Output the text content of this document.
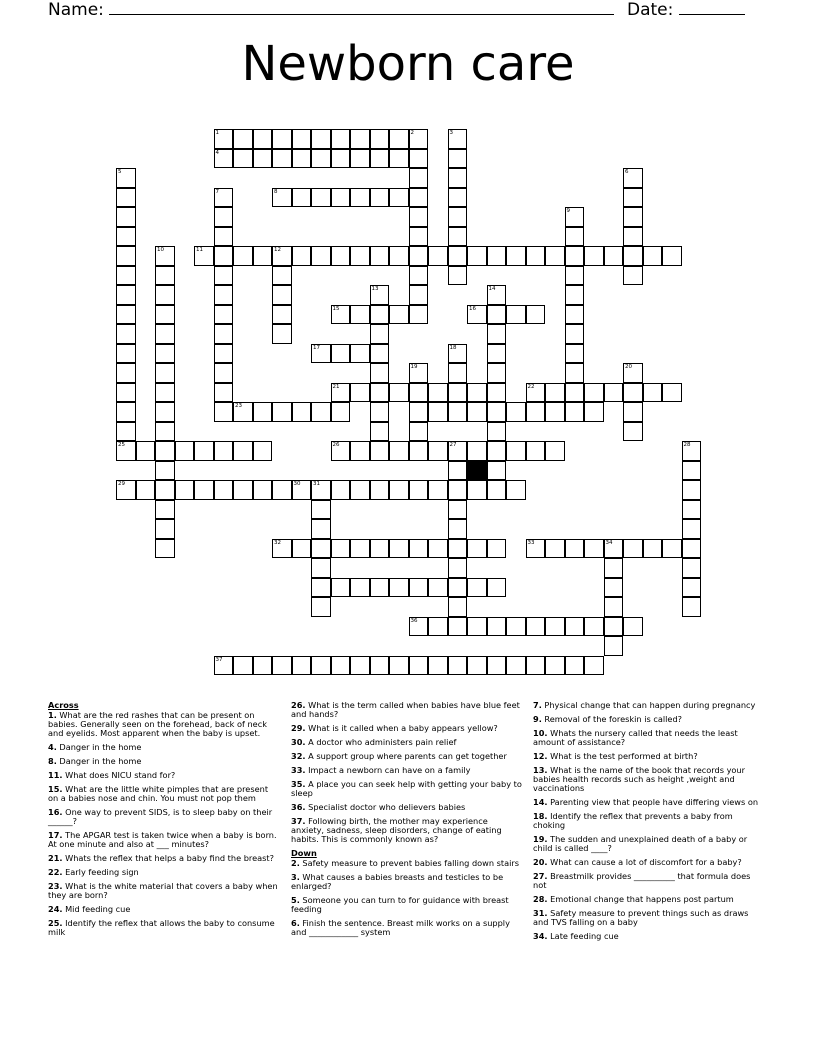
Name:	Date:
Newborn care
1
4
8
11	12
15	16
17
21	22
23
25	26	27
29	30 31
32	33	34
36
37
2	3
5	6
7
9
10
13	14
18
19	20
28
Across
1. What are the red rashes that can be present on babies. Generally seen on the forehead, back of neck and eyelids. Most apparent when the baby is upset.
4. Danger in the home
8. Danger in the home
11. What does NICU stand for?
15. What are the little white pimples that are present on a babies nose and chin. You must not pop them
16. One way to prevent SIDS, is to sleep baby on their ______?
17. The APGAR test is taken twice when a baby is born. At one minute and also at ___ minutes?
21. Whats the reflex that helps a baby find the breast?
22. Early feeding sign
23. What is the white material that covers a baby when they are born?
24. Mid feeding cue
25. Identify the reflex that allows the baby to consume milk
26. What is the term called when babies have blue feet and hands?
29. What is it called when a baby appears yellow?
30. A doctor who administers pain relief
32. A support group where parents can get together
33. Impact a newborn can have on a family
35. A place you can seek help with getting your baby to sleep
36. Specialist doctor who delievers babies
37. Following birth, the mother may experience anxiety, sadness, sleep disorders, change of eating habits. This is commonly known as?
Down
2. Safety measure to prevent babies falling down stairs
3. What causes a babies breasts and testicles to be enlarged?
5. Someone you can turn to for guidance with breast feeding
6. Finish the sentence. Breast milk works on a supply and ____________ system
7. Physical change that can happen during pregnancy
9. Removal of the foreskin is called?
10. Whats the nursery called that needs the least amount of assistance?
12. What is the test performed at birth?
13. What is the name of the book that records your babies health records such as height ,weight and vaccinations
14. Parenting view that people have differing views on
18. Identify the reflex that prevents a baby from choking
19. The sudden and unexplained death of a baby or child is called ____?
20. What can cause a lot of discomfort for a baby?
27. Breastmilk provides __________ that formula does not
28. Emotional change that happens post partum
31. Safety measure to prevent things such as draws and TVS falling on a baby
34. Late feeding cue
